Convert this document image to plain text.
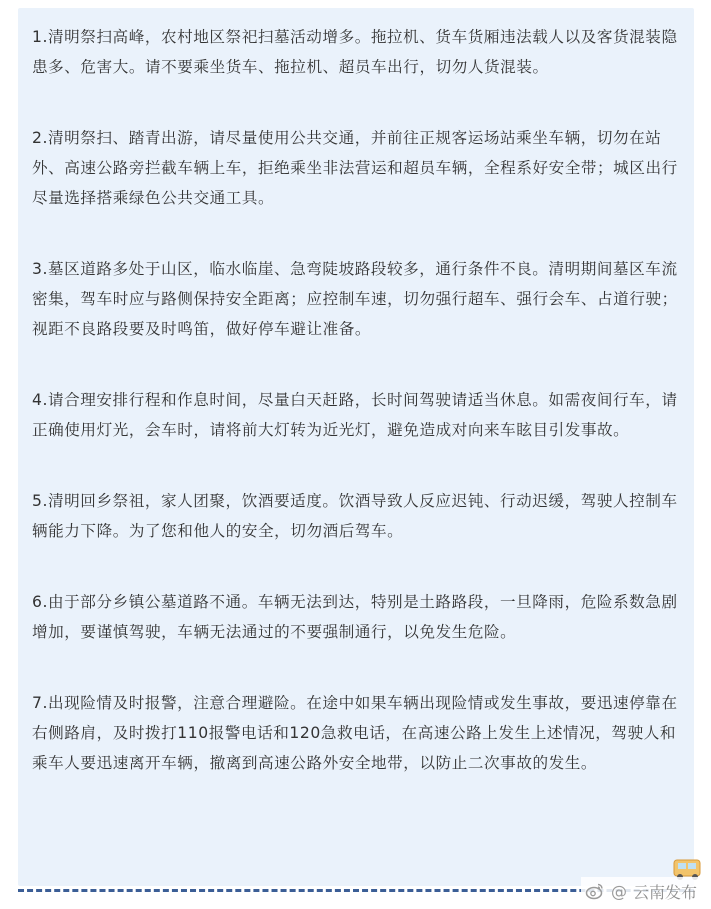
1.清明祭扫高峰，农村地区祭祀扫墓活动增多。拖拉机、货车货厢违法载人以及客货混装隐患多、危害大。请不要乘坐货车、拖拉机、超员车出行，切勿人货混装。

2.清明祭扫、踏青出游，请尽量使用公共交通，并前往正规客运场站乘坐车辆，切勿在站外、高速公路旁拦截车辆上车，拒绝乘坐非法营运和超员车辆，全程系好安全带；城区出行尽量选择搭乘绿色公共交通工具。

3.墓区道路多处于山区，临水临崖、急弯陡坡路段较多，通行条件不良。清明期间墓区车流密集，驾车时应与路侧保持安全距离；应控制车速，切勿强行超车、强行会车、占道行驶；视距不良路段要及时鸣笛，做好停车避让准备。

4.请合理安排行程和作息时间，尽量白天赶路，长时间驾驶请适当休息。如需夜间行车，请正确使用灯光，会车时，请将前大灯转为近光灯，避免造成对向来车眩目引发事故。

5.清明回乡祭祖，家人团聚，饮酒要适度。饮酒导致人反应迟钝、行动迟缓，驾驶人控制车辆能力下降。为了您和他人的安全，切勿酒后驾车。

6.由于部分乡镇公墓道路不通。车辆无法到达，特别是土路路段，一旦降雨，危险系数急剧增加，要谨慎驾驶，车辆无法通过的不要强制通行，以免发生危险。

7.出现险情及时报警，注意合理避险。在途中如果车辆出现险情或发生事故，要迅速停靠在右侧路肩，及时拨打110报警电话和120急救电话，在高速公路上发生上述情况，驾驶人和乘车人要迅速离开车辆，撤离到高速公路外安全地带，以防止二次事故的发生。

@ 云南发布
